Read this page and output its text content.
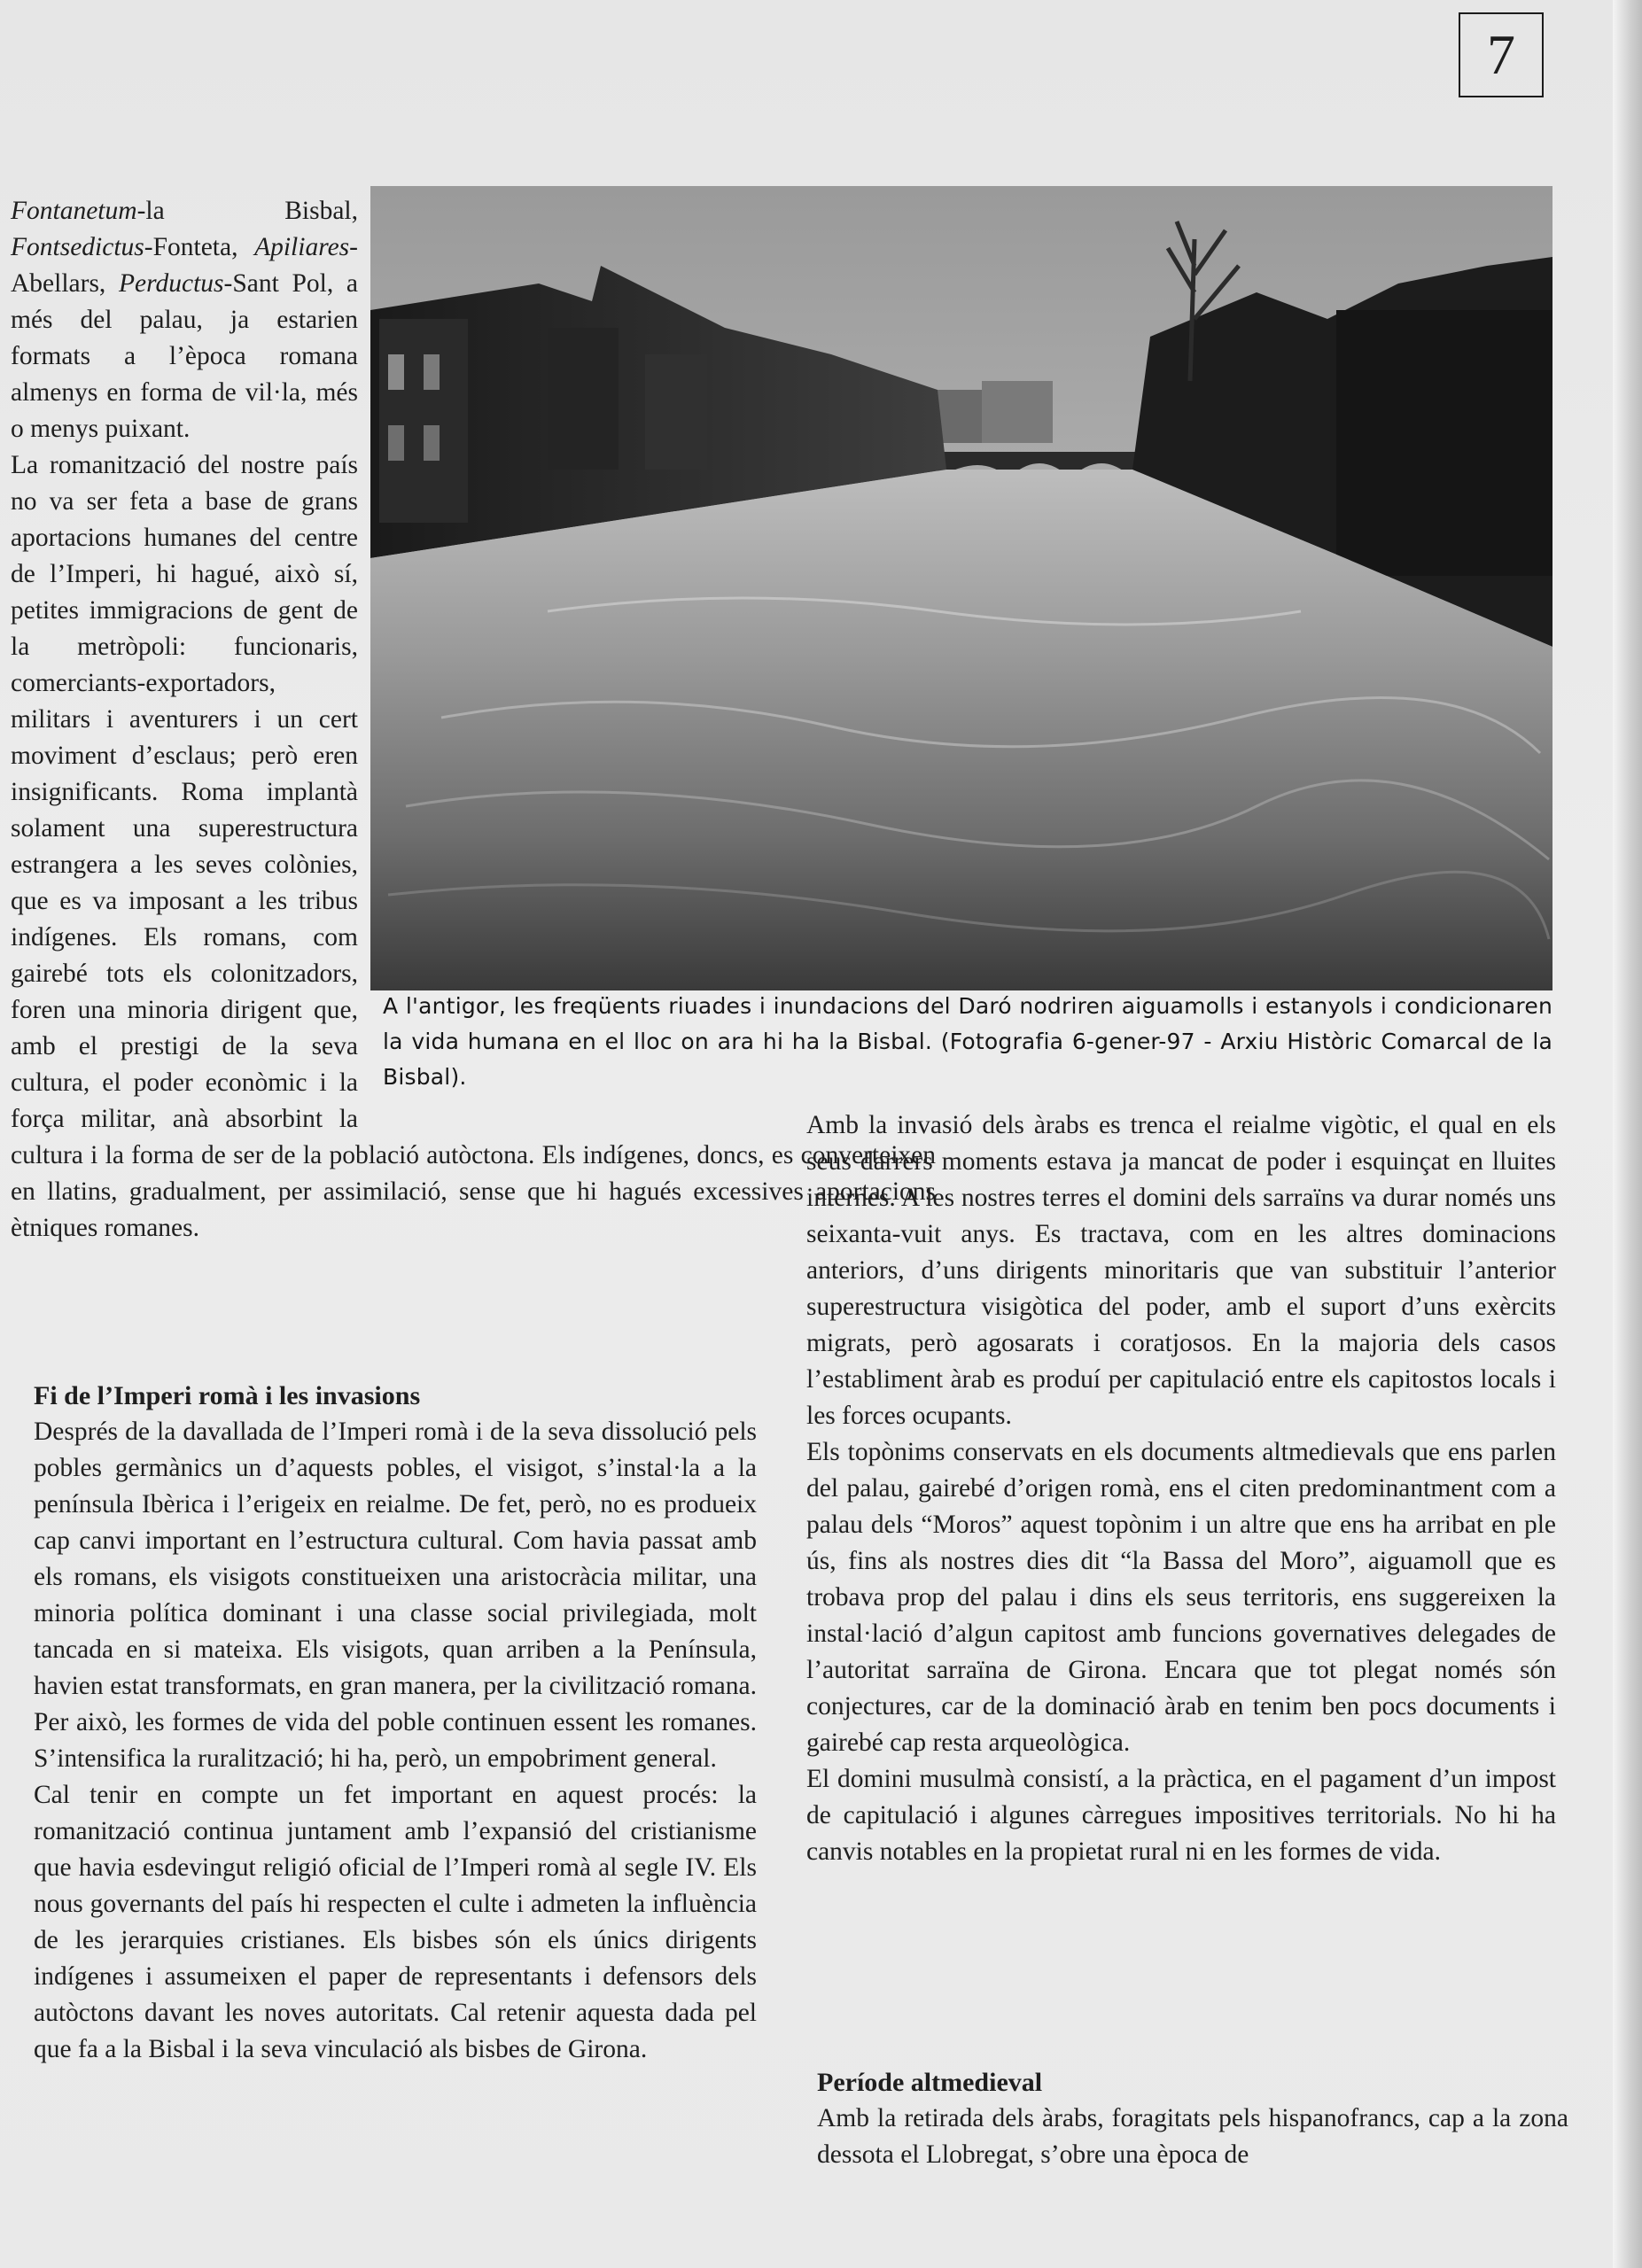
7

A l'antigor, les freqüents riuades i inundacions del Daró nodriren aiguamolls i estanyols i condicionaren la vida humana en el lloc on ara hi ha la Bisbal. (Fotografia 6-gener-97 - Arxiu Històric Comarcal de la Bisbal).

Fontanetum-la Bisbal, Fontsedictus-Fonteta, Apiliares-Abellars, Perductus-Sant Pol, a més del palau, ja estarien formats a l’època romana almenys en forma de vil·la, més o menys puixant.

La romanització del nostre país no va ser feta a base de grans aportacions humanes del centre de l’Imperi, hi hagué, això sí, petites immigracions de gent de la metròpoli: funcionaris, comerciants-exportadors, militars i aventurers i un cert moviment d’esclaus; però eren insignificants. Roma implantà solament una superestructura estrangera a les seves colònies, que es va imposant a les tribus indígenes. Els romans, com gairebé tots els colonitzadors, foren una minoria dirigent que, amb el prestigi de la seva cultura, el poder econòmic i la força militar, anà absorbint la cultura i la forma de ser de la població autòctona. Els indígenes, doncs, es converteixen en llatins, gradualment, per assimilació, sense que hi hagués excessives aportacions ètniques romanes.

Fi de l’Imperi romà i les invasions

Després de la davallada de l’Imperi romà i de la seva dissolució pels pobles germànics un d’aquests pobles, el visigot, s’instal·la a la península Ibèrica i l’erigeix en reialme. De fet, però, no es produeix cap canvi important en l’estructura cultural. Com havia passat amb els romans, els visigots constitueixen una aristocràcia militar, una minoria política dominant i una classe social privilegiada, molt tancada en si mateixa. Els visigots, quan arriben a la Península, havien estat transformats, en gran manera, per la civilització romana. Per això, les formes de vida del poble continuen essent les romanes. S’intensifica la ruralització; hi ha, però, un empobriment general.

Cal tenir en compte un fet important en aquest procés: la romanització continua juntament amb l’expansió del cristianisme que havia esdevingut religió oficial de l’Imperi romà al segle IV. Els nous governants del país hi respecten el culte i admeten la influència de les jerarquies cristianes. Els bisbes són els únics dirigents indígenes i assumeixen el paper de representants i defensors dels autòctons davant les noves autoritats. Cal retenir aquesta dada pel que fa a la Bisbal i la seva vinculació als bisbes de Girona.

Amb la invasió dels àrabs es trenca el reialme vigòtic, el qual en els seus darrers moments estava ja mancat de poder i esquinçat en lluites internes. A les nostres terres el domini dels sarraïns va durar només uns seixanta-vuit anys. Es tractava, com en les altres dominacions anteriors, d’uns dirigents minoritaris que van substituir l’anterior superestructura visigòtica del poder, amb el suport d’uns exèrcits migrats, però agosarats i coratjosos. En la majoria dels casos l’establiment àrab es produí per capitulació entre els capitostos locals i les forces ocupants.

Els topònims conservats en els documents altmedievals que ens parlen del palau, gairebé d’origen romà, ens el citen predominantment com a palau dels “Moros” aquest topònim i un altre que ens ha arribat en ple ús, fins als nostres dies dit “la Bassa del Moro”, aiguamoll que es trobava prop del palau i dins els seus territoris, ens suggereixen la instal·lació d’algun capitost amb funcions governatives delegades de l’autoritat sarraïna de Girona. Encara que tot plegat només són conjectures, car de la dominació àrab en tenim ben pocs documents i gairebé cap resta arqueològica.

El domini musulmà consistí, a la pràctica, en el pagament d’un impost de capitulació i algunes càrregues impositives territorials. No hi ha canvis notables en la propietat rural ni en les formes de vida.

Període altmedieval

Amb la retirada dels àrabs, foragitats pels hispanofrancs, cap a la zona dessota el Llobregat, s’obre una època de
